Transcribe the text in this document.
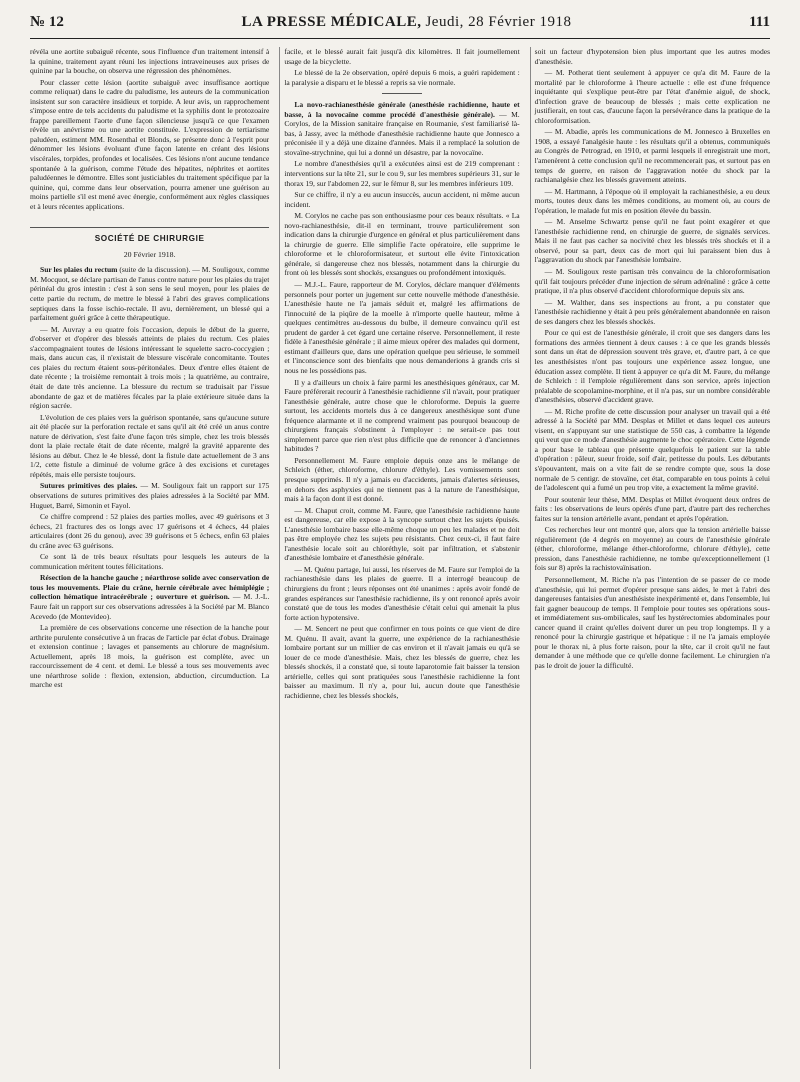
№ 12	LA PRESSE MÉDICALE, Jeudi, 28 Février 1918	111

révéla une aortite subaiguë récente, sous l'influence d'un traitement intensif à la quinine, traitement ayant réuni les injections intraveineuses aux prises de quinine par la bouche, on observa une régression des phénomènes.

Pour classer cette lésion (aortite subaiguë avec insuffisance aortique comme reliquat) dans le cadre du paludisme, les auteurs de la communication insistent sur son caractère insidieux et torpide. A leur avis, un rapprochement s'impose entre de tels accidents du paludisme et la syphilis dont le protozoaire frappe pareillement l'aorte d'une façon silencieuse jusqu'à ce que l'examen révèle un anévrisme ou une aortite constituée. L'expression de tertiarisme paludéen, estiment MM. Rosenthal et Blonds, se présente donc à l'esprit pour dénommer les lésions évoluant d'une façon latente en créant des lésions viscérales, torpides, profondes et localisées. Ces lésions n'ont aucune tendance spontanée à la guérison, comme l'étude des hépatites, néphrites et aortites paludéennes le démontre. Elles sont justiciables du traitement spécifique par la quinine, qui, comme dans leur observation, pourra amener une guérison au moins partielle s'il est mené avec énergie, conformément aux règles classiques et à leurs récentes applications.

SOCIÉTÉ DE CHIRURGIE
20 Février 1918.

Sur les plaies du rectum (suite de la discussion). — M. Souligoux, comme M. Mocquot, se déclare partisan de l'anus contre nature pour les plaies du trajet périnéal du gros intestin : c'est à son sens le seul moyen, pour les plaies de cette partie du rectum, de mettre le blessé à l'abri des graves complications septiques dans la fosse ischio-rectale. Il avu, dernièrement, un blessé qui a parfaitement guéri grâce à cette thérapeutique.

— M. Auvray a eu quatre fois l'occasion, depuis le début de la guerre, d'observer et d'opérer des blessés atteints de plaies du rectum. Ces plaies s'accompagnaient toutes de lésions intéressant le squelette sacro-coccygien ; mais, dans aucun cas, il n'existait de blessure viscérale concomitante. Toutes ces plaies du rectum étaient sous-péritonéales. Deux d'entre elles étaient de date récente ; la troisième remontait à trois mois ; la quatrième, au contraire, était de date très ancienne. La blessure du rectum se traduisait par l'issue abondante de gaz et de matières fécales par la plaie extérieure située dans la région sacrée.

L'évolution de ces plaies vers la guérison spontanée, sans qu'aucune suture ait été placée sur la perforation rectale et sans qu'il ait été créé un anus contre nature de dérivation, s'est faite d'une façon très simple, chez les trois blessés dont la plaie rectale était de date récente, malgré la gravité apparente des lésions au début. Chez le 4e blessé, dont la fistule date actuellement de 3 ans 1/2, cette fistule a diminué de volume grâce à des excisions et curetages répétés, mais elle persiste toujours.

Sutures primitives des plaies. — M. Souligoux fait un rapport sur 175 observations de sutures primitives des plaies adressées à la Société par MM. Huguet, Barré, Simonin et Fayol.

Ce chiffre comprend : 52 plaies des parties molles, avec 49 guérisons et 3 échecs, 21 fractures des os longs avec 17 guérisons et 4 échecs, 44 plaies articulaires (dont 26 du genou), avec 39 guérisons et 5 échecs, enfin 63 plaies du crâne avec 63 guérisons.

Ce sont là de très beaux résultats pour lesquels les auteurs de la communication méritent toutes félicitations.

Résection de la hanche gauche ; néarthrose solide avec conservation de tous les mouvements. Plaie du crâne, hernie cérébrale avec hémiplégie ; collection hématique intracérébrale ; ouverture et guérison. — M. J.-L. Faure fait un rapport sur ces observations adressées à la Société par M. Blanco Acevedo (de Montevideo).

La première de ces observations concerne une résection de la hanche pour arthrite purulente consécutive à un fracas de l'article par éclat d'obus. Drainage et extension continue ; lavages et pansements au chlorure de magnésium. Actuellement, après 18 mois, la guérison est complète, avec un raccourcissement de 4 cent. et demi. Le blessé a tous ses mouvements avec une néarthrose solide : flexion, extension, abduction, circumduction. La marche est

facile, et le blessé aurait fait jusqu'à dix kilomètres. Il fait journellement usage de la bicyclette.

Le blessé de la 2e observation, opéré depuis 6 mois, a guéri rapidement : la paralysie a disparu et le blessé a repris sa vie normale.

La novo-rachianesthésie générale (anesthésie rachidienne, haute et basse, à la novocaïne comme procédé d'anesthésie générale). — M. Corylos, de la Mission sanitaire française en Roumanie, s'est familiarisé là-bas, à Jassy, avec la méthode d'anesthésie rachidienne haute que Jonnesco a préconisée il y a déjà une dizaine d'années. Mais il a remplacé la solution de stovaïne-strychnine, qui lui a donné un désastre, par la novocaïne.

Le nombre d'anesthésies qu'il a exécutées ainsi est de 219 comprenant : interventions sur la tête 21, sur le cou 9, sur les membres supérieurs 31, sur le thorax 19, sur l'abdomen 22, sur le fémur 8, sur les membres inférieurs 109.

Sur ce chiffre, il n'y a eu aucun insuccès, aucun accident, ni même aucun incident.

M. Corylos ne cache pas son enthousiasme pour ces beaux résultats. « La novo-rachianesthésie, dit-il en terminant, trouve particulièrement son indication dans la chirurgie d'urgence en général et plus particulièrement dans la chirurgie de guerre. Elle simplifie l'acte opératoire, elle supprime le chloroforme et le chloroformisateur, et surtout elle évite l'intoxication générale, si dangereuse chez nos blessés, notamment dans la chirurgie du front où les blessés sont shockés, exsangues ou profondément intoxiqués.

— M.J.-L. Faure, rapporteur de M. Corylos, déclare manquer d'éléments personnels pour porter un jugement sur cette nouvelle méthode d'anesthésie. L'anesthésie haute ne l'a jamais séduit et, malgré les affirmations de l'innocuité de la piqûre de la moelle à n'importe quelle hauteur, même à quelques centimètres au-dessous du bulbe, il demeure convaincu qu'il est prudent de garder à cet égard une certaine réserve. Personnellement, il reste fidèle à l'anesthésie générale ; il aime mieux opérer des malades qui dorment, estimant d'ailleurs que, dans une opération quelque peu sérieuse, le sommeil et l'inconscience sont des bienfaits que nous demanderions à grands cris si nous ne les possédions pas.

Il y a d'ailleurs un choix à faire parmi les anesthésiques généraux, car M. Faure préférerait recourir à l'anesthésie rachidienne s'il n'avait, pour pratiquer l'anesthésie générale, autre chose que le chloroforme. Depuis la guerre surtout, les accidents mortels dus à ce dangereux anesthésique sont d'une fréquence alarmante et il ne comprend vraiment pas pourquoi beaucoup de chirurgiens français s'obstinent à l'employer : ne serait-ce pas tout simplement parce que rien n'est plus difficile que de renoncer à d'anciennes habitudes ?

Personnellement M. Faure emploie depuis onze ans le mélange de Schleich (éther, chloroforme, chlorure d'éthyle). Les vomissements sont presque supprimés. Il n'y a jamais eu d'accidents, jamais d'alertes sérieuses, en dehors des asphyxies qui ne tiennent pas à la nature de l'anesthésique, mais à la façon dont il est donné.

— M. Chaput croit, comme M. Faure, que l'anesthésie rachidienne haute est dangereuse, car elle expose à la syncope surtout chez les sujets épuisés. L'anesthésie lombaire basse elle-même choque un peu les malades et ne doit pas être employée chez les sujets peu résistants. Chez ceux-ci, il faut faire l'anesthésie locale soit au chloréthyle, soit par infiltration, et s'abstenir d'anesthésie lombaire et d'anesthésie générale.

— M. Quénu partage, lui aussi, les réserves de M. Faure sur l'emploi de la rachianesthésie dans les plaies de guerre. Il a interrogé beaucoup de chirurgiens du front ; leurs réponses ont été unanimes : après avoir fondé de grandes espérances sur l'anesthésie rachidienne, ils y ont renoncé après avoir constaté que de tous les modes d'anesthésie c'était celui qui amenait la plus forte action hypotensive.

— M. Sencert ne peut que confirmer en tous points ce que vient de dire M. Quénu. Il avait, avant la guerre, une expérience de la rachianesthésie lombaire portant sur un millier de cas environ et il n'avait jamais eu qu'à se louer de ce mode d'anesthésie. Mais, chez les blessés de guerre, chez les blessés shockés, il a constaté que, si toute laparotomie fait baisser la tension artérielle, celles qui sont pratiquées sous l'anesthésie rachidienne la font baisser au maximum. Il n'y a, pour lui, aucun doute que l'anesthésie rachidienne, chez les blessés shockés,

soit un facteur d'hypotension bien plus important que les autres modes d'anesthésie.

— M. Potherat tient seulement à appuyer ce qu'a dit M. Faure de la mortalité par le chloroforme à l'heure actuelle : elle est d'une fréquence inquiétante qui s'explique peut-être par l'état d'anémie aiguë, de shock, d'infection grave de beaucoup de blessés ; mais cette explication ne justifierait, en tout cas, d'aucune façon la persévérance dans la pratique de la chloroformisation.

— M. Abadie, après les communications de M. Jonnesco à Bruxelles en 1908, a essayé l'analgésie haute : les résultats qu'il a obtenus, communiqués au Congrès de Petrograd, en 1910, et parmi lesquels il enregistrait une mort, l'amenèrent à cette conclusion qu'il ne recommencerait pas, et surtout pas en temps de guerre, en raison de l'aggravation notée du shock par la rachianalgésie chez les blessés gravement atteints.

— M. Hartmann, à l'époque où il employait la rachianesthésie, a eu deux morts, toutes deux dans les mêmes conditions, au moment où, au cours de l'opération, le malade fut mis en position élevée du bassin.

— M. Anselme Schwartz pense qu'il ne faut point exagérer et que l'anesthésie rachidienne rend, en chirurgie de guerre, de signalés services. Mais il ne faut pas cacher sa nocivité chez les blessés très shockés et il a observé, pour sa part, deux cas de mort qui lui paraissent bien dus à l'aggravation du shock par l'anesthésie lombaire.

— M. Souligoux reste partisan très convaincu de la chloroformisation qu'il fait toujours précéder d'une injection de sérum adrénaliné : grâce à cette pratique, il n'a plus observé d'accident chloroformique depuis six ans.

— M. Walther, dans ses inspections au front, a pu constater que l'anesthésie rachidienne y était à peu près généralement abandonnée en raison de ses dangers chez les blessés shockés.

Pour ce qui est de l'anesthésie générale, il croit que ses dangers dans les formations des armées tiennent à deux causes : à ce que les grands blessés sont dans un état de dépression souvent très grave, et, d'autre part, à ce que les anesthésistes n'ont pas toujours une expérience assez longue, une éducation assez complète. Il tient à appuyer ce qu'a dit M. Faure, du mélange de Schleich : il l'emploie régulièrement dans son service, après injection préalable de scopolamine-morphine, et il n'a pas, sur un nombre considérable d'anesthésies, observé d'accident grave.

— M. Riche profite de cette discussion pour analyser un travail qui a été adressé à la Société par MM. Desplas et Millet et dans lequel ces auteurs visent, en s'appuyant sur une statistique de 550 cas, à combattre la légende qui veut que ce mode d'anesthésie augmente le choc opératoire. Cette légende a pour base le tableau que présente quelquefois le patient sur la table d'opération : pâleur, sueur froide, soif d'air, petitesse du pouls. Les débutants s'épouvantent, mais on a vite fait de se rendre compte que, sous la dose normale de 5 centigr. de stovaïne, cet état, comparable en tous points à celui de l'adolescent qui a fumé un peu trop vite, a exactement la même gravité.

Pour soutenir leur thèse, MM. Desplas et Millet évoquent deux ordres de faits : les observations de leurs opérés d'une part, d'autre part des recherches faites sur la tension artérielle avant, pendant et après l'opération.

Ces recherches leur ont montré que, alors que la tension artérielle baisse régulièrement (de 4 degrés en moyenne) au cours de l'anesthésie générale (éther, chloroforme, mélange éther-chloroforme, chlorure d'éthyle), cette pression, dans l'anesthésie rachidienne, ne tombe qu'exceptionnellement (1 fois sur 8) après la rachistovaïnisation.

Personnellement, M. Riche n'a pas l'intention de se passer de ce mode d'anesthésie, qui lui permet d'opérer presque sans aides, le met à l'abri des dangereuses fantaisies d'un anesthésiste inexpérimenté et, dans l'ensemble, lui fait gagner beaucoup de temps. Il l'emploie pour toutes ses opérations sous- et immédiatement sus-ombilicales, sauf les hystérectomies abdominales pour cancer quand il craint qu'elles doivent durer un peu trop longtemps. Il y a renoncé pour la chirurgie gastrique et hépatique : il ne l'a jamais employée pour le thorax ni, à plus forte raison, pour la tête, car il croit qu'il ne faut demander à une méthode que ce qu'elle donne facilement. Le chirurgien n'a pas le droit de jouer la difficulté.
